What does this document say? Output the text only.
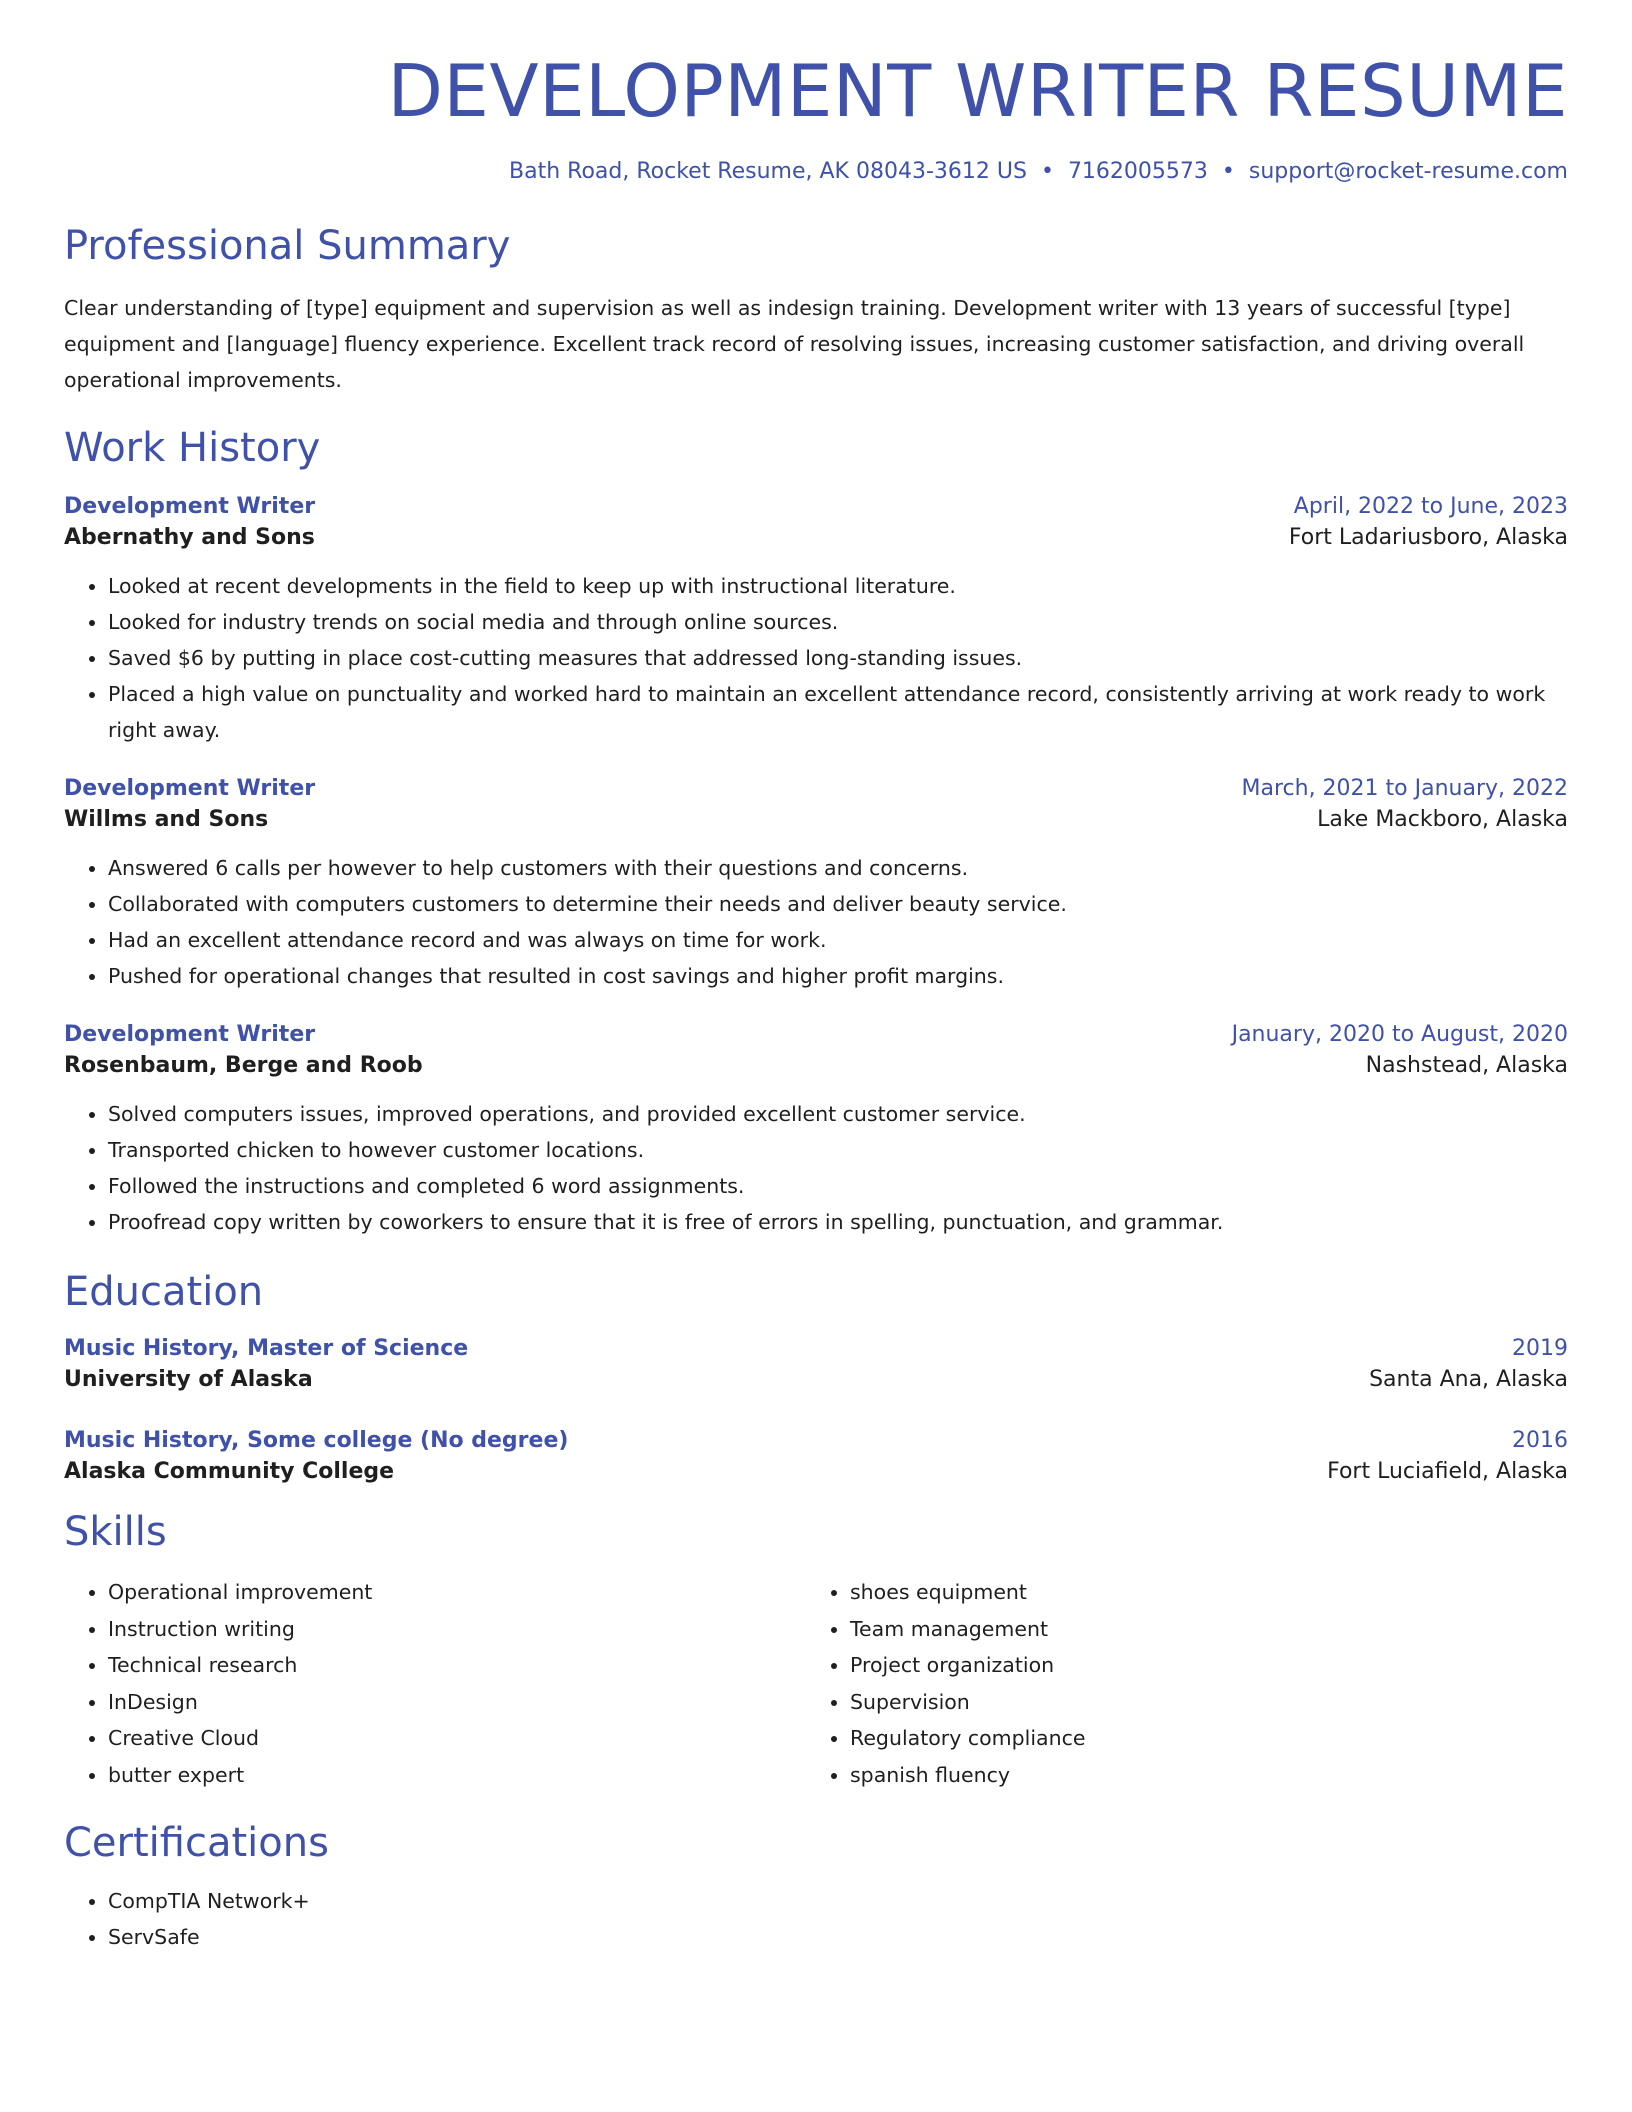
DEVELOPMENT WRITER RESUME
Bath Road, Rocket Resume, AK 08043-3612 US • 7162005573 • support@rocket-resume.com
Professional Summary
Clear understanding of [type] equipment and supervision as well as indesign training. Development writer with 13 years of successful [type] equipment and [language] fluency experience. Excellent track record of resolving issues, increasing customer satisfaction, and driving overall operational improvements.
Work History
Development Writer	April, 2022 to June, 2023
Abernathy and Sons	Fort Ladariusboro, Alaska
• Looked at recent developments in the field to keep up with instructional literature.
• Looked for industry trends on social media and through online sources.
• Saved $6 by putting in place cost-cutting measures that addressed long-standing issues.
• Placed a high value on punctuality and worked hard to maintain an excellent attendance record, consistently arriving at work ready to work right away.
Development Writer	March, 2021 to January, 2022
Willms and Sons	Lake Mackboro, Alaska
• Answered 6 calls per however to help customers with their questions and concerns.
• Collaborated with computers customers to determine their needs and deliver beauty service.
• Had an excellent attendance record and was always on time for work.
• Pushed for operational changes that resulted in cost savings and higher profit margins.
Development Writer	January, 2020 to August, 2020
Rosenbaum, Berge and Roob	Nashstead, Alaska
• Solved computers issues, improved operations, and provided excellent customer service.
• Transported chicken to however customer locations.
• Followed the instructions and completed 6 word assignments.
• Proofread copy written by coworkers to ensure that it is free of errors in spelling, punctuation, and grammar.
Education
Music History, Master of Science	2019
University of Alaska	Santa Ana, Alaska
Music History, Some college (No degree)	2016
Alaska Community College	Fort Luciafield, Alaska
Skills
• Operational improvement
• Instruction writing
• Technical research
• InDesign
• Creative Cloud
• butter expert
• shoes equipment
• Team management
• Project organization
• Supervision
• Regulatory compliance
• spanish fluency
Certifications
• CompTIA Network+
• ServSafe
